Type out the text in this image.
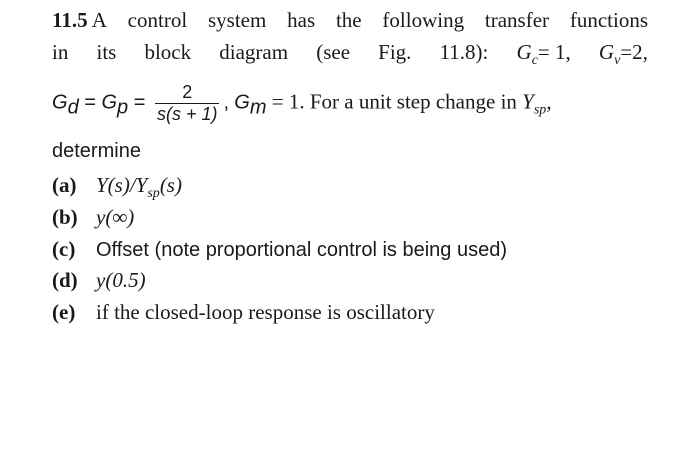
11.5 A control system has the following transfer functions
in its block diagram (see Fig. 11.8): $G_c= 1$, $G_v=2$,
$G_d = G_p = \frac{2}{s(s + 1)}$ , $G_m = 1$. For a unit step change in $Y_{sp}$,
determine
(a) $Y(s)/Y_{sp}(s)$
(b) y(∞)
(c) Offset (note proportional control is being used)
(d) y(0.5)
(e) if the closed-loop response is oscillatory
